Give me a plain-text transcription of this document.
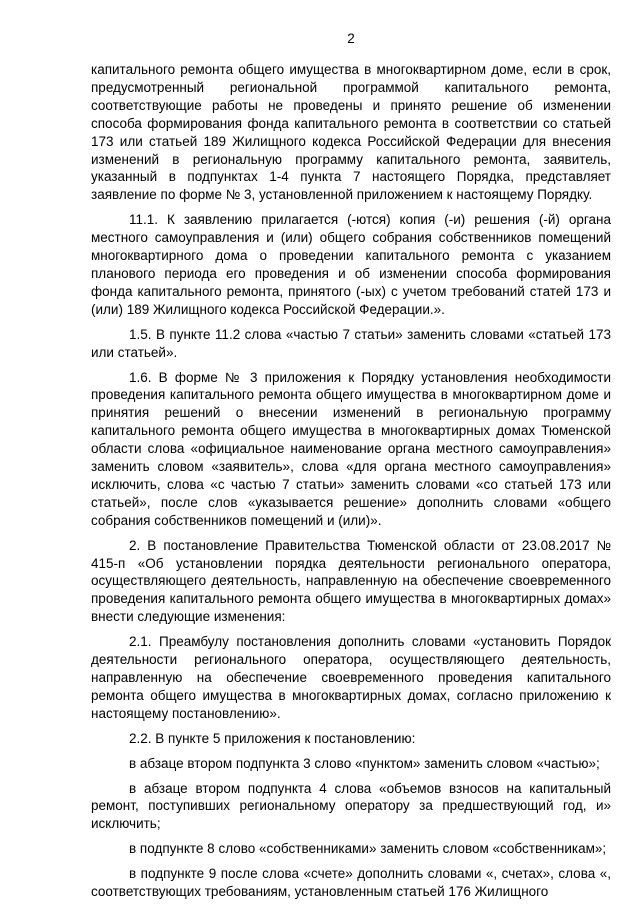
2

капитального ремонта общего имущества в многоквартирном доме, если в срок, предусмотренный региональной программой капитального ремонта, соответствующие работы не проведены и принято решение об изменении способа формирования фонда капитального ремонта в соответствии со статьей 173 или статьей 189 Жилищного кодекса Российской Федерации для внесения изменений в региональную программу капитального ремонта, заявитель, указанный в подпунктах 1-4 пункта 7 настоящего Порядка, представляет заявление по форме № 3, установленной приложением к настоящему Порядку.

11.1. К заявлению прилагается (-ются) копия (-и) решения (-й) органа местного самоуправления и (или) общего собрания собственников помещений многоквартирного дома о проведении капитального ремонта с указанием планового периода его проведения и об изменении способа формирования фонда капитального ремонта, принятого (-ых) с учетом требований статей 173 и (или) 189 Жилищного кодекса Российской Федерации.».

1.5. В пункте 11.2 слова «частью 7 статьи» заменить словами «статьей 173 или статьей».

1.6. В форме № 3 приложения к Порядку установления необходимости проведения капитального ремонта общего имущества в многоквартирном доме и принятия решений о внесении изменений в региональную программу капитального ремонта общего имущества в многоквартирных домах Тюменской области слова «официальное наименование органа местного самоуправления» заменить словом «заявитель», слова «для органа местного самоуправления» исключить, слова «с частью 7 статьи» заменить словами «со статьей 173 или статьей», после слов «указывается решение» дополнить словами «общего собрания собственников помещений и (или)».

2. В постановление Правительства Тюменской области от 23.08.2017 № 415-п «Об установлении порядка деятельности регионального оператора, осуществляющего деятельность, направленную на обеспечение своевременного проведения капитального ремонта общего имущества в многоквартирных домах» внести следующие изменения:

2.1. Преамбулу постановления дополнить словами «установить Порядок деятельности регионального оператора, осуществляющего деятельность, направленную на обеспечение своевременного проведения капитального ремонта общего имущества в многоквартирных домах, согласно приложению к настоящему постановлению».

2.2. В пункте 5 приложения к постановлению:

в абзаце втором подпункта 3 слово «пунктом» заменить словом «частью»;

в абзаце втором подпункта 4 слова «объемов взносов на капитальный ремонт, поступивших региональному оператору за предшествующий год, и» исключить;

в подпункте 8 слово «собственниками» заменить словом «собственникам»;

в подпункте 9 после слова «счете» дополнить словами «, счетах», слова «, соответствующих требованиям, установленным статьей 176 Жилищного
